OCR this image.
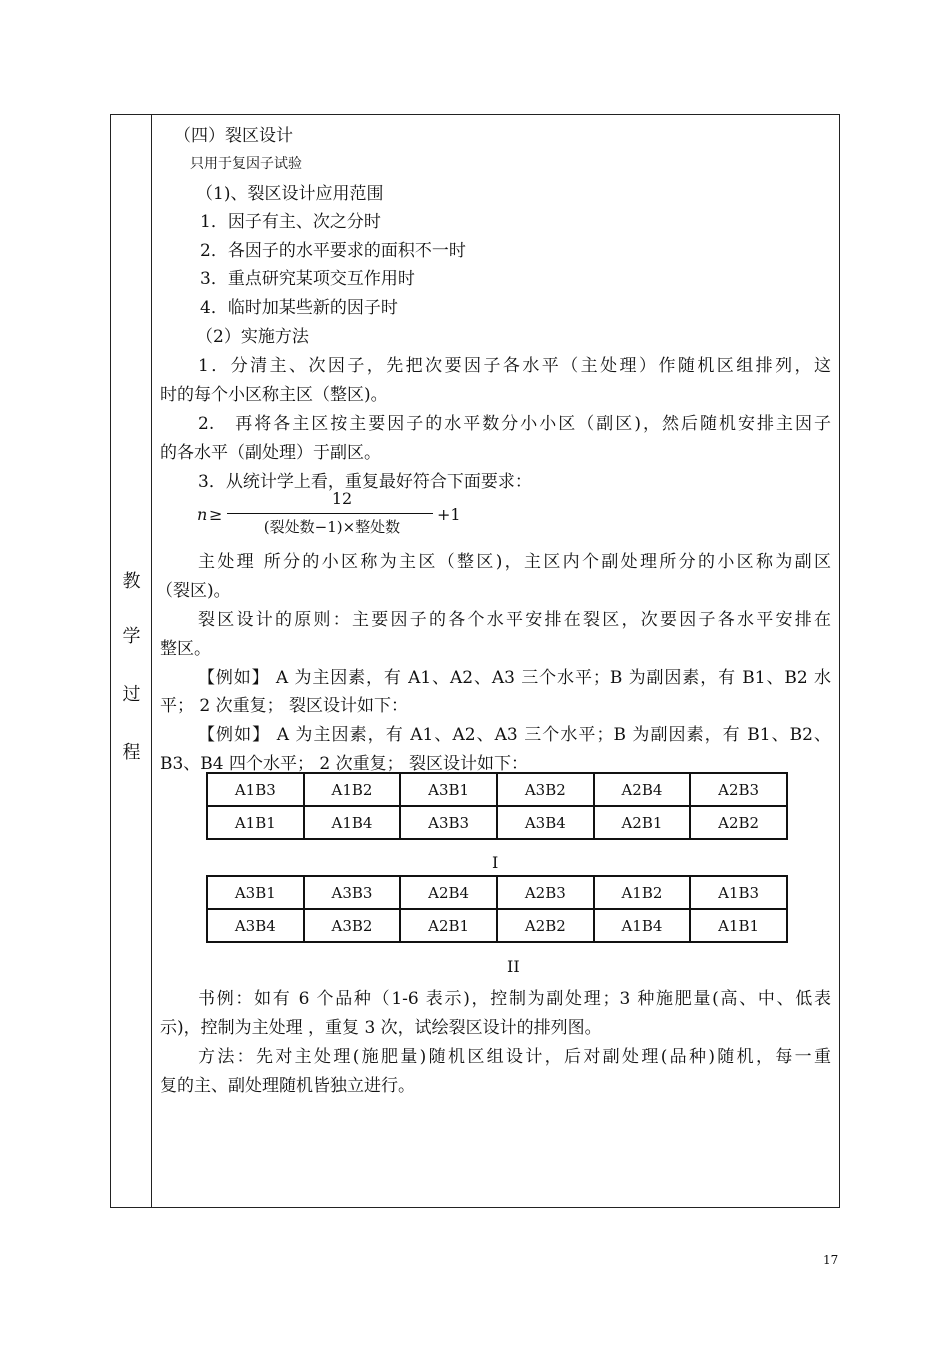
教
学
过
程
（四）裂区设计
只用于复因子试验
（1)、裂区设计应用范围
1．因子有主、次之分时
2．各因子的水平要求的面积不一时
3．重点研究某项交互作用时
4．临时加某些新的因子时
（2）实施方法
1．分清主、次因子，先把次要因子各水平（主处理）作随机区组排列，这
时的每个小区称主区（整区)。
2.　再将各主区按主要因子的水平数分小小区（副区)，然后随机安排主因子
的各水平（副处理）于副区。
3．从统计学上看，重复最好符合下面要求：
n ≥
12
(裂处数−1)×整处数
+1
主处理 所分的小区称为主区（整区)，主区内个副处理所分的小区称为副区
（裂区)。
裂区设计的原则：主要因子的各个水平安排在裂区，次要因子各水平安排在
整区。
【例如】 A 为主因素，有 A1、A2、A3 三个水平；B 为副因素，有 B1、B2 水
平； 2 次重复； 裂区设计如下：
【例如】 A 为主因素，有 A1、A2、A3 三个水平；B 为副因素，有 B1、B2、
B3、B4 四个水平； 2 次重复； 裂区设计如下：
A1B3	A1B2	A3B1	A3B2	A2B4	A2B3
A1B1	A1B4	A3B3	A3B4	A2B1	A2B2
I
A3B1	A3B3	A2B4	A2B3	A1B2	A1B3
A3B4	A3B2	A2B1	A2B2	A1B4	A1B1
II
书例：如有 6 个品种（1-6 表示)，控制为副处理；3 种施肥量(高、中、低表
示)，控制为主处理 ，重复 3 次，试绘裂区设计的排列图。
方法：先对主处理(施肥量)随机区组设计，后对副处理(品种)随机，每一重
复的主、副处理随机皆独立进行。
17
